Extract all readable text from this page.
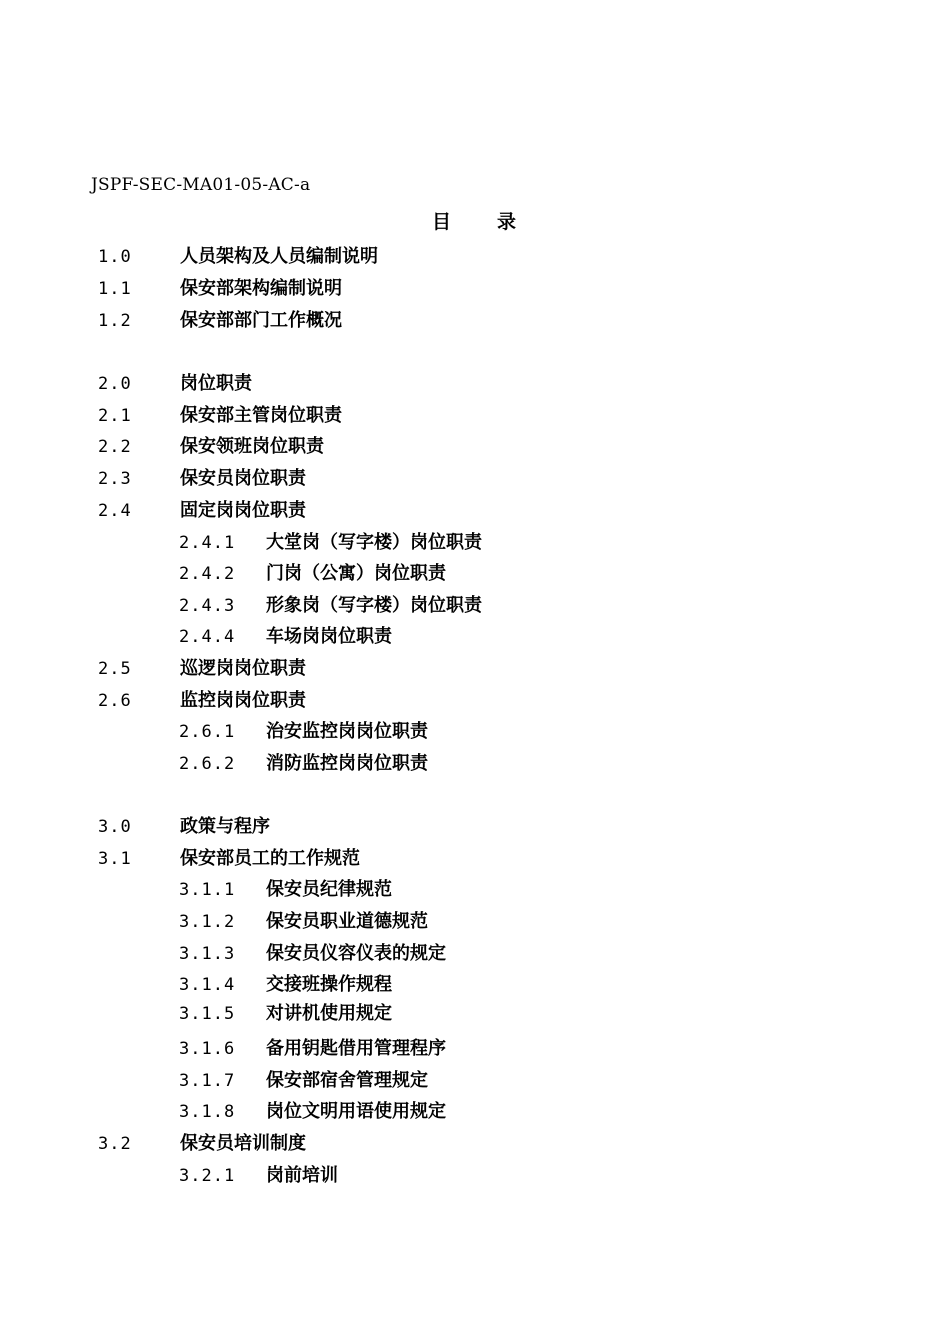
JSPF-SEC-MA01-05-AC-a
目 录
1.0	人员架构及人员编制说明
1.1	保安部架构编制说明
1.2	保安部部门工作概况
2.0	岗位职责
2.1	保安部主管岗位职责
2.2	保安领班岗位职责
2.3	保安员岗位职责
2.4	固定岗岗位职责
2.4.1 大堂岗（写字楼）岗位职责
2.4.2 门岗（公寓）岗位职责
2.4.3 形象岗（写字楼）岗位职责
2.4.4 车场岗岗位职责
2.5	巡逻岗岗位职责
2.6	监控岗岗位职责
2.6.1 治安监控岗岗位职责
2.6.2 消防监控岗岗位职责
3.0	政策与程序
3.1	保安部员工的工作规范
3.1.1 保安员纪律规范
3.1.2 保安员职业道德规范
3.1.3 保安员仪容仪表的规定
3.1.4 交接班操作规程
3.1.5 对讲机使用规定
3.1.6 备用钥匙借用管理程序
3.1.7 保安部宿舍管理规定
3.1.8 岗位文明用语使用规定
3.2	保安员培训制度
3.2.1 岗前培训
